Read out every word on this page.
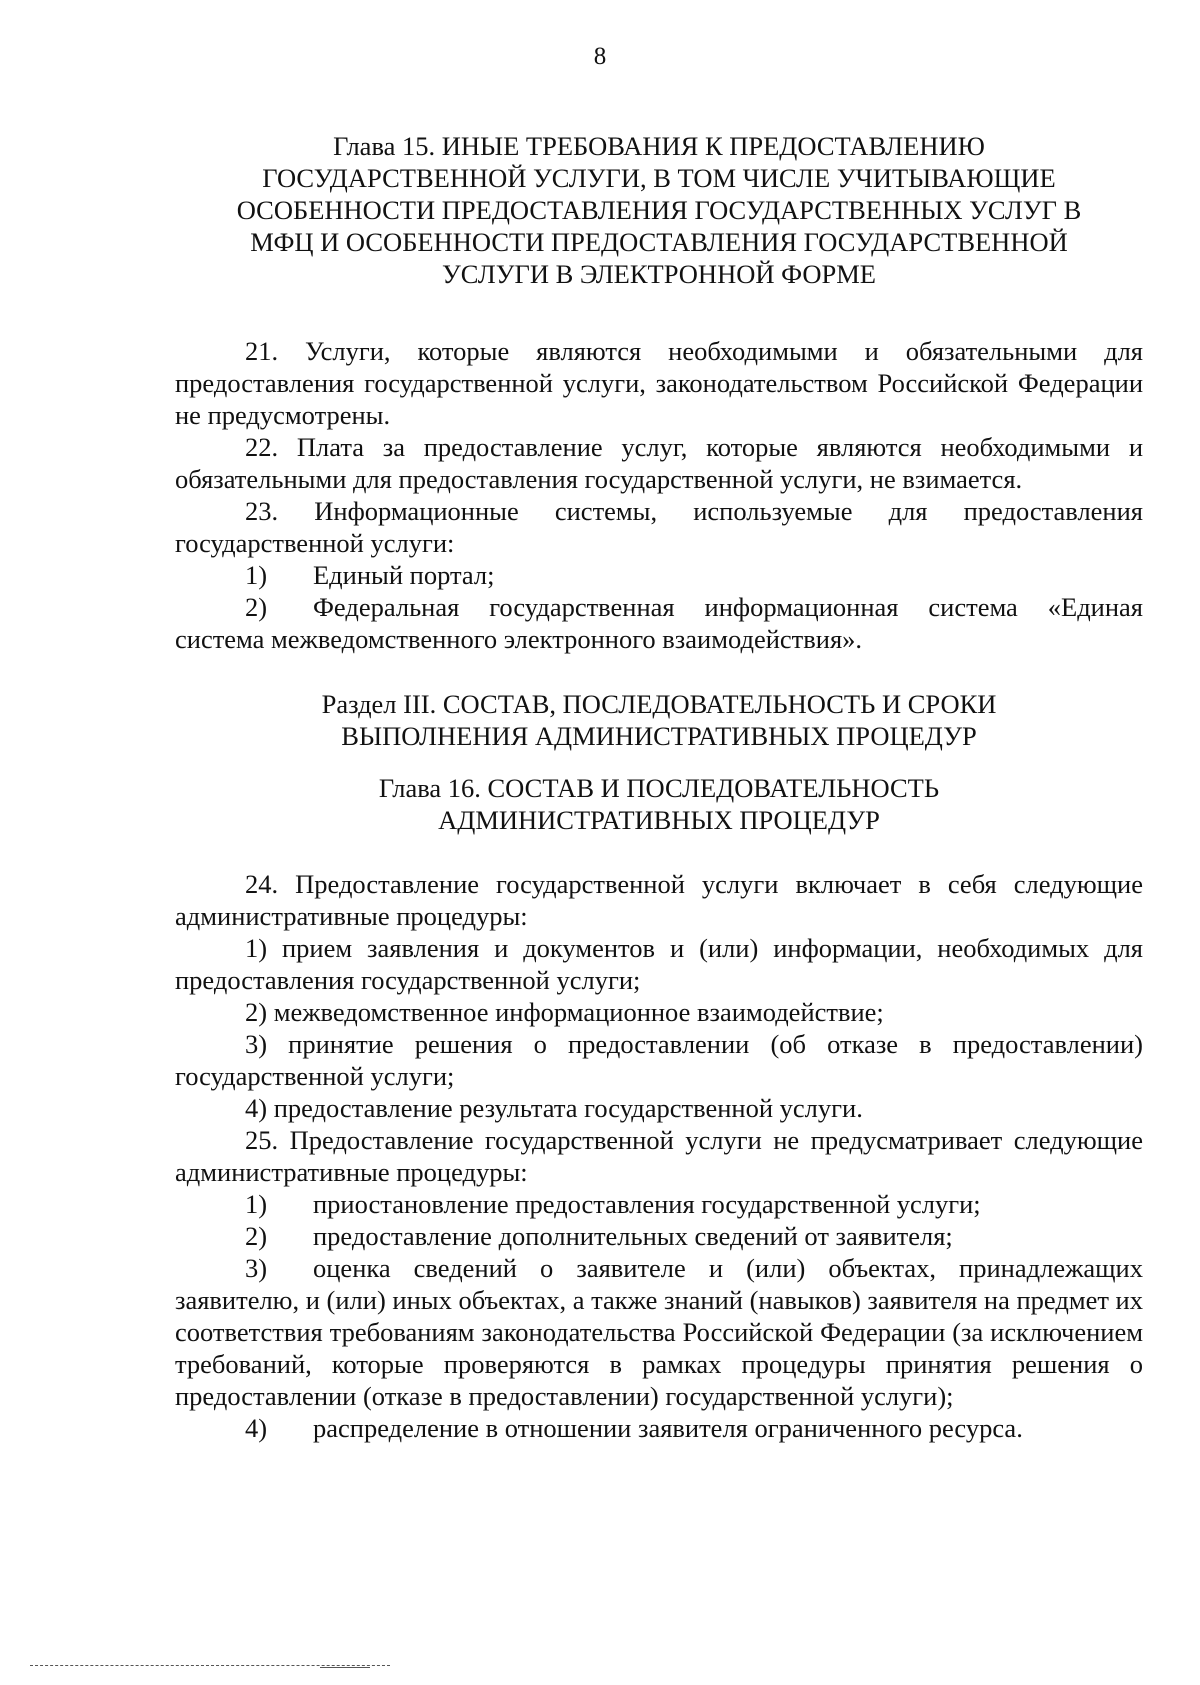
8
Глава 15. ИНЫЕ ТРЕБОВАНИЯ К ПРЕДОСТАВЛЕНИЮ
ГОСУДАРСТВЕННОЙ УСЛУГИ, В ТОМ ЧИСЛЕ УЧИТЫВАЮЩИЕ
ОСОБЕННОСТИ ПРЕДОСТАВЛЕНИЯ ГОСУДАРСТВЕННЫХ УСЛУГ В
МФЦ И ОСОБЕННОСТИ ПРЕДОСТАВЛЕНИЯ ГОСУДАРСТВЕННОЙ
УСЛУГИ В ЭЛЕКТРОННОЙ ФОРМЕ

21. Услуги, которые являются необходимыми и обязательными для предоставления государственной услуги, законодательством Российской Федерации не предусмотрены.

22. Плата за предоставление услуг, которые являются необходимыми и обязательными для предоставления государственной услуги, не взимается.

23. Информационные системы, используемые для предоставления государственной услуги:

1)	Единый портал;

2) Федеральная государственная информационная система «Единая система межведомственного электронного взаимодействия».

Раздел III. СОСТАВ, ПОСЛЕДОВАТЕЛЬНОСТЬ И СРОКИ
ВЫПОЛНЕНИЯ АДМИНИСТРАТИВНЫХ ПРОЦЕДУР
Глава 16. СОСТАВ И ПОСЛЕДОВАТЕЛЬНОСТЬ
АДМИНИСТРАТИВНЫХ ПРОЦЕДУР

24. Предоставление государственной услуги включает в себя следующие административные процедуры:

1) прием заявления и документов и (или) информации, необходимых для предоставления государственной услуги;

2) межведомственное информационное взаимодействие;

3) принятие решения о предоставлении (об отказе в предоставлении) государственной услуги;

4) предоставление результата государственной услуги.

25. Предоставление государственной услуги не предусматривает следующие административные процедуры:

1)	приостановление предоставления государственной услуги;
2)	предоставление дополнительных сведений от заявителя;

3) оценка сведений о заявителе и (или) объектах, принадлежащих заявителю, и (или) иных объектах, а также знаний (навыков) заявителя на предмет их соответствия требованиям законодательства Российской Федерации (за исключением требований, которые проверяются в рамках процедуры принятия решения о предоставлении (отказе в предоставлении) государственной услуги);

4)	распределение в отношении заявителя ограниченного ресурса.
